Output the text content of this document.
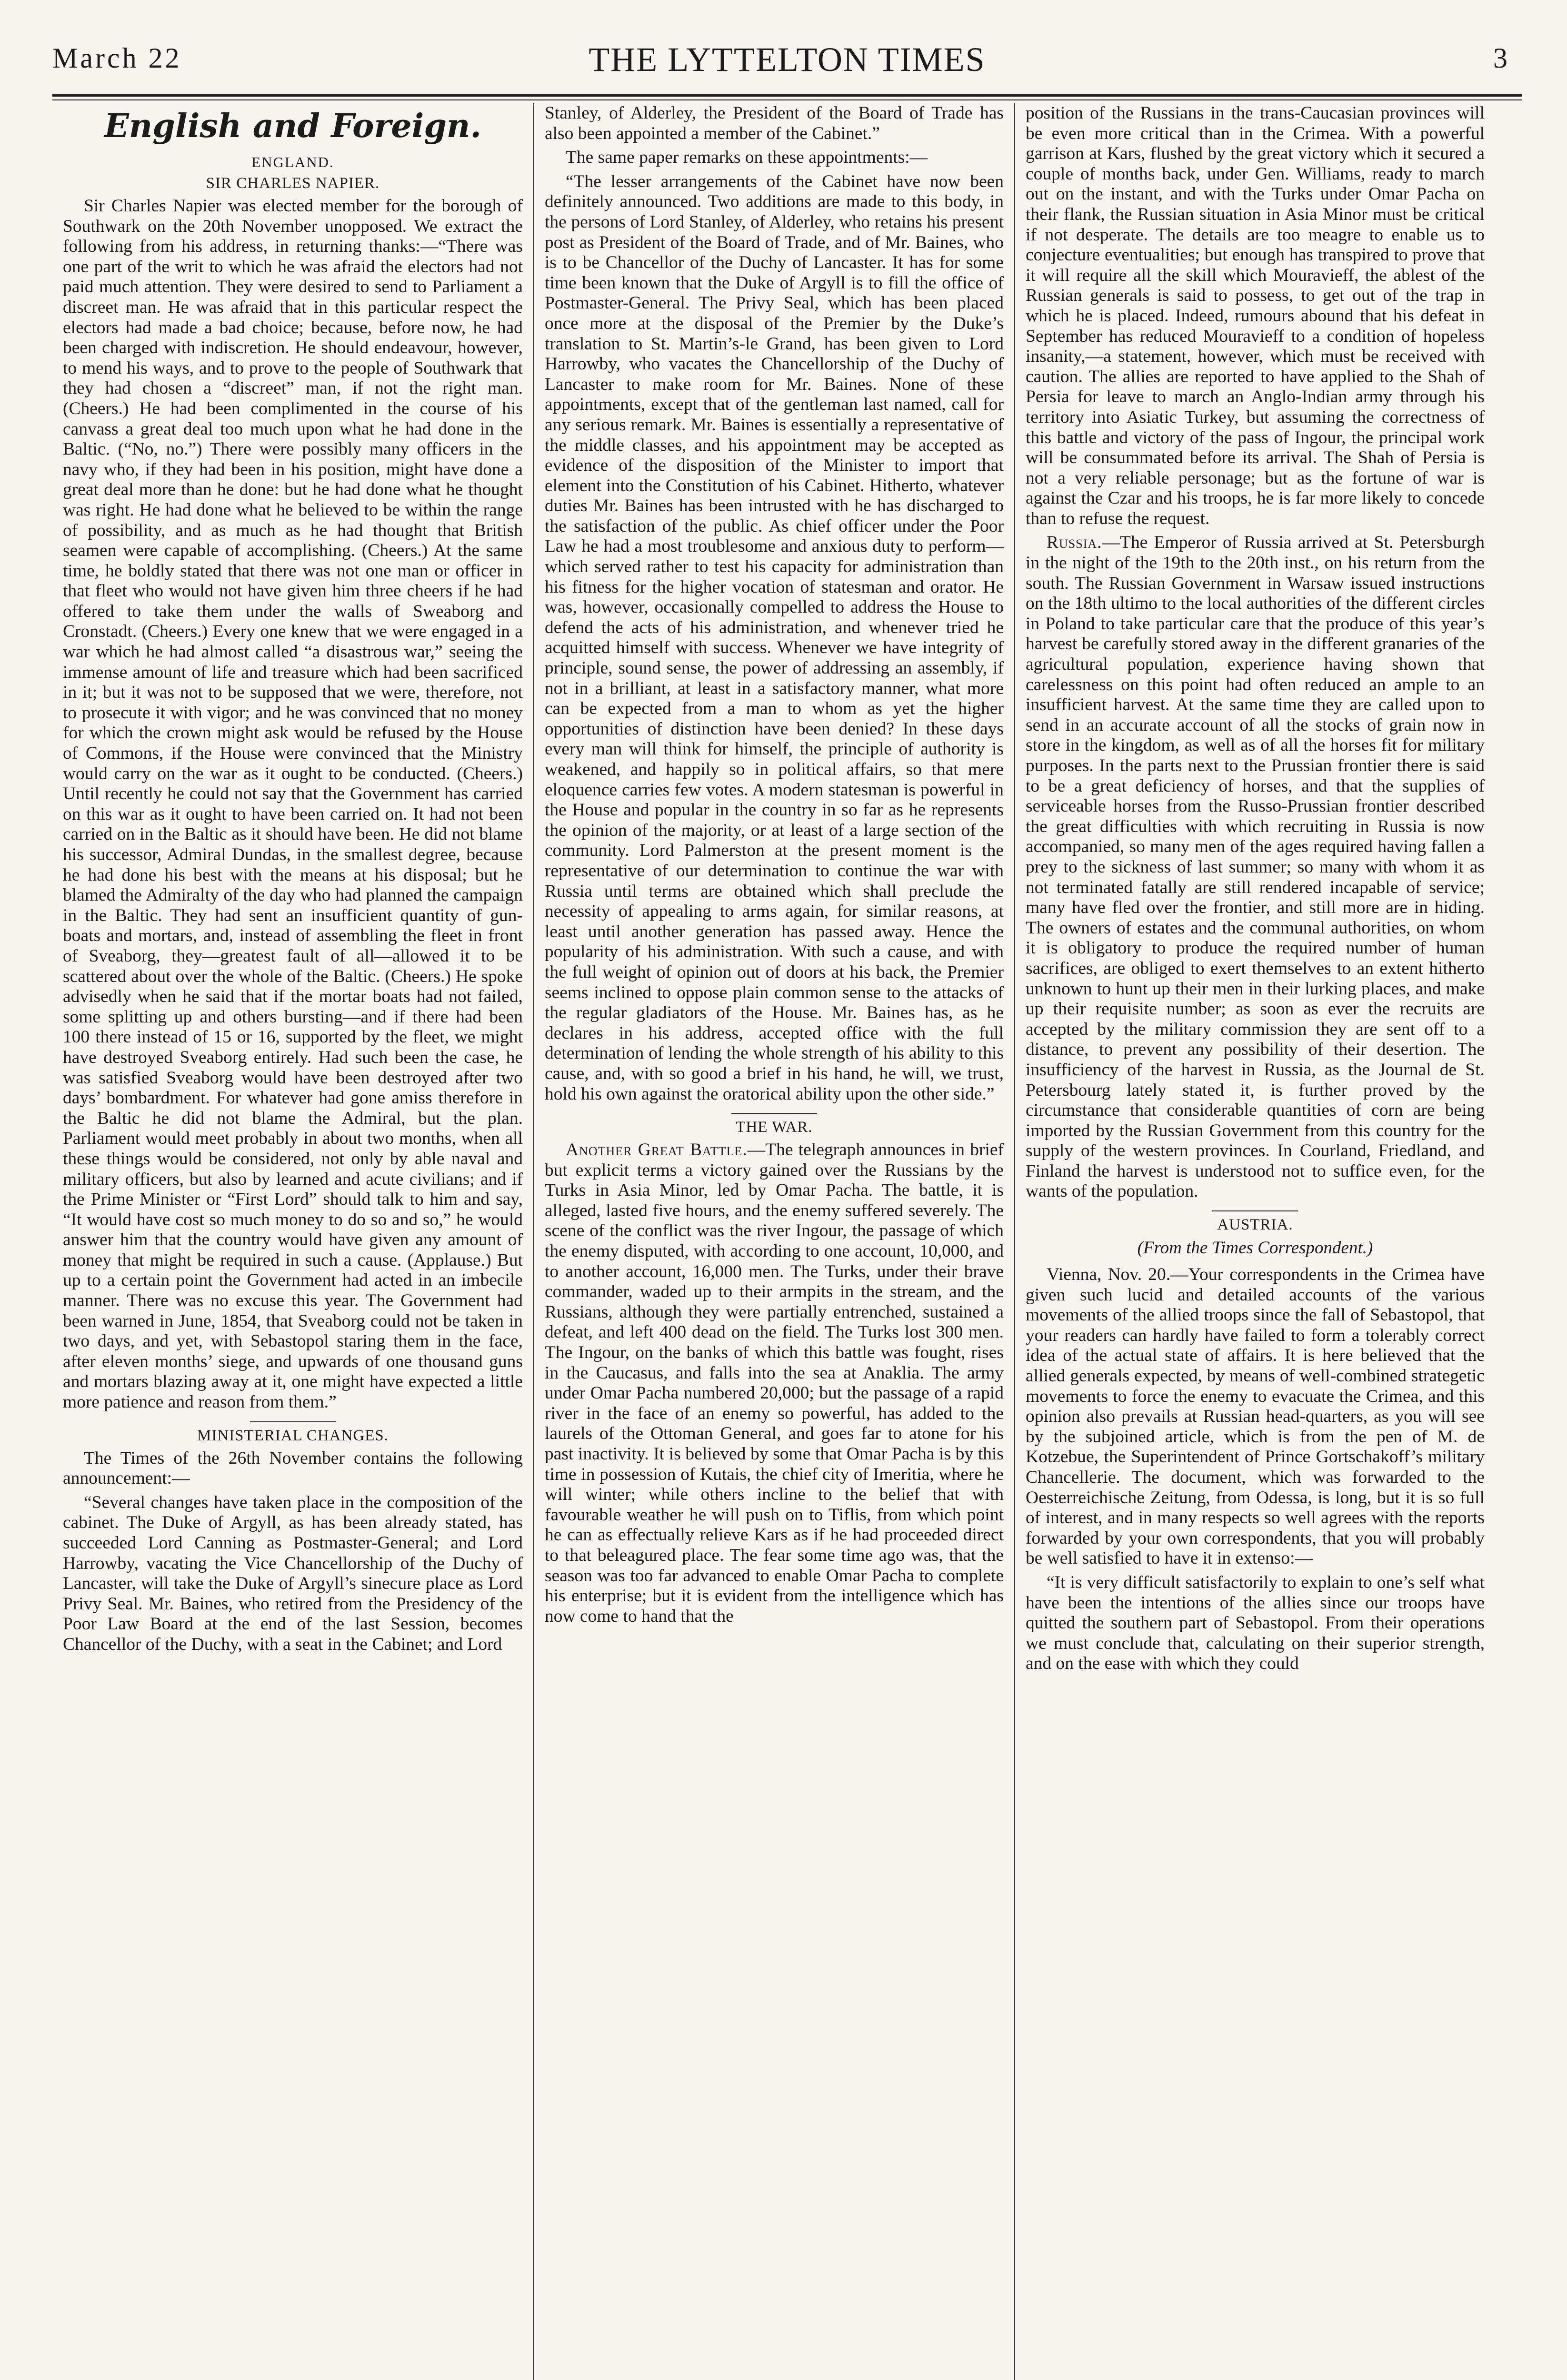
March 22	THE LYTTELTON TIMES	3
English and Foreign.
ENGLAND.
SIR CHARLES NAPIER.

Sir Charles Napier was elected member for the borough of Southwark on the 20th November unopposed. We extract the following from his address, in returning thanks:—“There was one part of the writ to which he was afraid the electors had not paid much attention. They were desired to send to Parliament a discreet man. He was afraid that in this particular respect the electors had made a bad choice; because, before now, he had been charged with indiscretion. He should endeavour, however, to mend his ways, and to prove to the people of Southwark that they had chosen a “discreet” man, if not the right man. (Cheers.) He had been complimented in the course of his canvass a great deal too much upon what he had done in the Baltic. (“No, no.”) There were possibly many officers in the navy who, if they had been in his position, might have done a great deal more than he done: but he had done what he thought was right. He had done what he believed to be within the range of possibility, and as much as he had thought that British seamen were capable of accomplishing. (Cheers.) At the same time, he boldly stated that there was not one man or officer in that fleet who would not have given him three cheers if he had offered to take them under the walls of Sweaborg and Cronstadt. (Cheers.) Every one knew that we were engaged in a war which he had almost called “a disastrous war,” seeing the immense amount of life and treasure which had been sacrificed in it; but it was not to be supposed that we were, therefore, not to prosecute it with vigor; and he was convinced that no money for which the crown might ask would be refused by the House of Commons, if the House were convinced that the Ministry would carry on the war as it ought to be conducted. (Cheers.) Until recently he could not say that the Government has carried on this war as it ought to have been carried on. It had not been carried on in the Baltic as it should have been. He did not blame his successor, Admiral Dundas, in the smallest degree, because he had done his best with the means at his disposal; but he blamed the Admiralty of the day who had planned the campaign in the Baltic. They had sent an insufficient quantity of gun-boats and mortars, and, instead of assembling the fleet in front of Sveaborg, they—greatest fault of all—allowed it to be scattered about over the whole of the Baltic. (Cheers.) He spoke advisedly when he said that if the mortar boats had not failed, some splitting up and others bursting—and if there had been 100 there instead of 15 or 16, supported by the fleet, we might have destroyed Sveaborg entirely. Had such been the case, he was satisfied Sveaborg would have been destroyed after two days’ bombardment. For whatever had gone amiss therefore in the Baltic he did not blame the Admiral, but the plan. Parliament would meet probably in about two months, when all these things would be considered, not only by able naval and military officers, but also by learned and acute civilians; and if the Prime Minister or “First Lord” should talk to him and say, “It would have cost so much money to do so and so,” he would answer him that the country would have given any amount of money that might be required in such a cause. (Applause.) But up to a certain point the Government had acted in an imbecile manner. There was no excuse this year. The Government had been warned in June, 1854, that Sveaborg could not be taken in two days, and yet, with Sebastopol staring them in the face, after eleven months’ siege, and upwards of one thousand guns and mortars blazing away at it, one might have expected a little more patience and reason from them.”

MINISTERIAL CHANGES.

The Times of the 26th November contains the following announcement:—

“Several changes have taken place in the composition of the cabinet. The Duke of Argyll, as has been already stated, has succeeded Lord Canning as Postmaster-General; and Lord Harrowby, vacating the Vice Chancellorship of the Duchy of Lancaster, will take the Duke of Argyll’s sinecure place as Lord Privy Seal. Mr. Baines, who retired from the Presidency of the Poor Law Board at the end of the last Session, becomes Chancellor of the Duchy, with a seat in the Cabinet; and Lord

Stanley, of Alderley, the President of the Board of Trade has also been appointed a member of the Cabinet.”

The same paper remarks on these appointments:—

“The lesser arrangements of the Cabinet have now been definitely announced. Two additions are made to this body, in the persons of Lord Stanley, of Alderley, who retains his present post as President of the Board of Trade, and of Mr. Baines, who is to be Chancellor of the Duchy of Lancaster. It has for some time been known that the Duke of Argyll is to fill the office of Postmaster-General. The Privy Seal, which has been placed once more at the disposal of the Premier by the Duke’s translation to St. Martin’s-le Grand, has been given to Lord Harrowby, who vacates the Chancellorship of the Duchy of Lancaster to make room for Mr. Baines. None of these appointments, except that of the gentleman last named, call for any serious remark. Mr. Baines is essentially a representative of the middle classes, and his appointment may be accepted as evidence of the disposition of the Minister to import that element into the Constitution of his Cabinet. Hitherto, whatever duties Mr. Baines has been intrusted with he has discharged to the satisfaction of the public. As chief officer under the Poor Law he had a most troublesome and anxious duty to perform—which served rather to test his capacity for administration than his fitness for the higher vocation of statesman and orator. He was, however, occasionally compelled to address the House to defend the acts of his administration, and whenever tried he acquitted himself with success. Whenever we have integrity of principle, sound sense, the power of addressing an assembly, if not in a brilliant, at least in a satisfactory manner, what more can be expected from a man to whom as yet the higher opportunities of distinction have been denied? In these days every man will think for himself, the principle of authority is weakened, and happily so in political affairs, so that mere eloquence carries few votes. A modern statesman is powerful in the House and popular in the country in so far as he represents the opinion of the majority, or at least of a large section of the community. Lord Palmerston at the present moment is the representative of our determination to continue the war with Russia until terms are obtained which shall preclude the necessity of appealing to arms again, for similar reasons, at least until another generation has passed away. Hence the popularity of his administration. With such a cause, and with the full weight of opinion out of doors at his back, the Premier seems inclined to oppose plain common sense to the attacks of the regular gladiators of the House. Mr. Baines has, as he declares in his address, accepted office with the full determination of lending the whole strength of his ability to this cause, and, with so good a brief in his hand, he will, we trust, hold his own against the oratorical ability upon the other side.”

THE WAR.

Another Great Battle.—The telegraph announces in brief but explicit terms a victory gained over the Russians by the Turks in Asia Minor, led by Omar Pacha. The battle, it is alleged, lasted five hours, and the enemy suffered severely. The scene of the conflict was the river Ingour, the passage of which the enemy disputed, with according to one account, 10,000, and to another account, 16,000 men. The Turks, under their brave commander, waded up to their armpits in the stream, and the Russians, although they were partially entrenched, sustained a defeat, and left 400 dead on the field. The Turks lost 300 men. The Ingour, on the banks of which this battle was fought, rises in the Caucasus, and falls into the sea at Anaklia. The army under Omar Pacha numbered 20,000; but the passage of a rapid river in the face of an enemy so powerful, has added to the laurels of the Ottoman General, and goes far to atone for his past inactivity. It is believed by some that Omar Pacha is by this time in possession of Kutais, the chief city of Imeritia, where he will winter; while others incline to the belief that with favourable weather he will push on to Tiflis, from which point he can as effectually relieve Kars as if he had proceeded direct to that beleagured place. The fear some time ago was, that the season was too far advanced to enable Omar Pacha to complete his enterprise; but it is evident from the intelligence which has now come to hand that the

position of the Russians in the trans-Caucasian provinces will be even more critical than in the Crimea. With a powerful garrison at Kars, flushed by the great victory which it secured a couple of months back, under Gen. Williams, ready to march out on the instant, and with the Turks under Omar Pacha on their flank, the Russian situation in Asia Minor must be critical if not desperate. The details are too meagre to enable us to conjecture eventualities; but enough has transpired to prove that it will require all the skill which Mouravieff, the ablest of the Russian generals is said to possess, to get out of the trap in which he is placed. Indeed, rumours abound that his defeat in September has reduced Mouravieff to a condition of hopeless insanity,—a statement, however, which must be received with caution. The allies are reported to have applied to the Shah of Persia for leave to march an Anglo-Indian army through his territory into Asiatic Turkey, but assuming the correctness of this battle and victory of the pass of Ingour, the principal work will be consummated before its arrival. The Shah of Persia is not a very reliable personage; but as the fortune of war is against the Czar and his troops, he is far more likely to concede than to refuse the request.

Russia.—The Emperor of Russia arrived at St. Petersburgh in the night of the 19th to the 20th inst., on his return from the south. The Russian Government in Warsaw issued instructions on the 18th ultimo to the local authorities of the different circles in Poland to take particular care that the produce of this year’s harvest be carefully stored away in the different granaries of the agricultural population, experience having shown that carelessness on this point had often reduced an ample to an insufficient harvest. At the same time they are called upon to send in an accurate account of all the stocks of grain now in store in the kingdom, as well as of all the horses fit for military purposes. In the parts next to the Prussian frontier there is said to be a great deficiency of horses, and that the supplies of serviceable horses from the Russo-Prussian frontier described the great difficulties with which recruiting in Russia is now accompanied, so many men of the ages required having fallen a prey to the sickness of last summer; so many with whom it as not terminated fatally are still rendered incapable of service; many have fled over the frontier, and still more are in hiding. The owners of estates and the communal authorities, on whom it is obligatory to produce the required number of human sacrifices, are obliged to exert themselves to an extent hitherto unknown to hunt up their men in their lurking places, and make up their requisite number; as soon as ever the recruits are accepted by the military commission they are sent off to a distance, to prevent any possibility of their desertion. The insufficiency of the harvest in Russia, as the Journal de St. Petersbourg lately stated it, is further proved by the circumstance that considerable quantities of corn are being imported by the Russian Government from this country for the supply of the western provinces. In Courland, Friedland, and Finland the harvest is understood not to suffice even, for the wants of the population.

AUSTRIA.
(From the Times Correspondent.)

Vienna, Nov. 20.—Your correspondents in the Crimea have given such lucid and detailed accounts of the various movements of the allied troops since the fall of Sebastopol, that your readers can hardly have failed to form a tolerably correct idea of the actual state of affairs. It is here believed that the allied generals expected, by means of well-combined strategetic movements to force the enemy to evacuate the Crimea, and this opinion also prevails at Russian head-quarters, as you will see by the subjoined article, which is from the pen of M. de Kotzebue, the Superintendent of Prince Gortschakoff’s military Chancellerie. The document, which was forwarded to the Oesterreichische Zeitung, from Odessa, is long, but it is so full of interest, and in many respects so well agrees with the reports forwarded by your own correspondents, that you will probably be well satisfied to have it in extenso:—

“It is very difficult satisfactorily to explain to one’s self what have been the intentions of the allies since our troops have quitted the southern part of Sebastopol. From their operations we must conclude that, calculating on their superior strength, and on the ease with which they could
